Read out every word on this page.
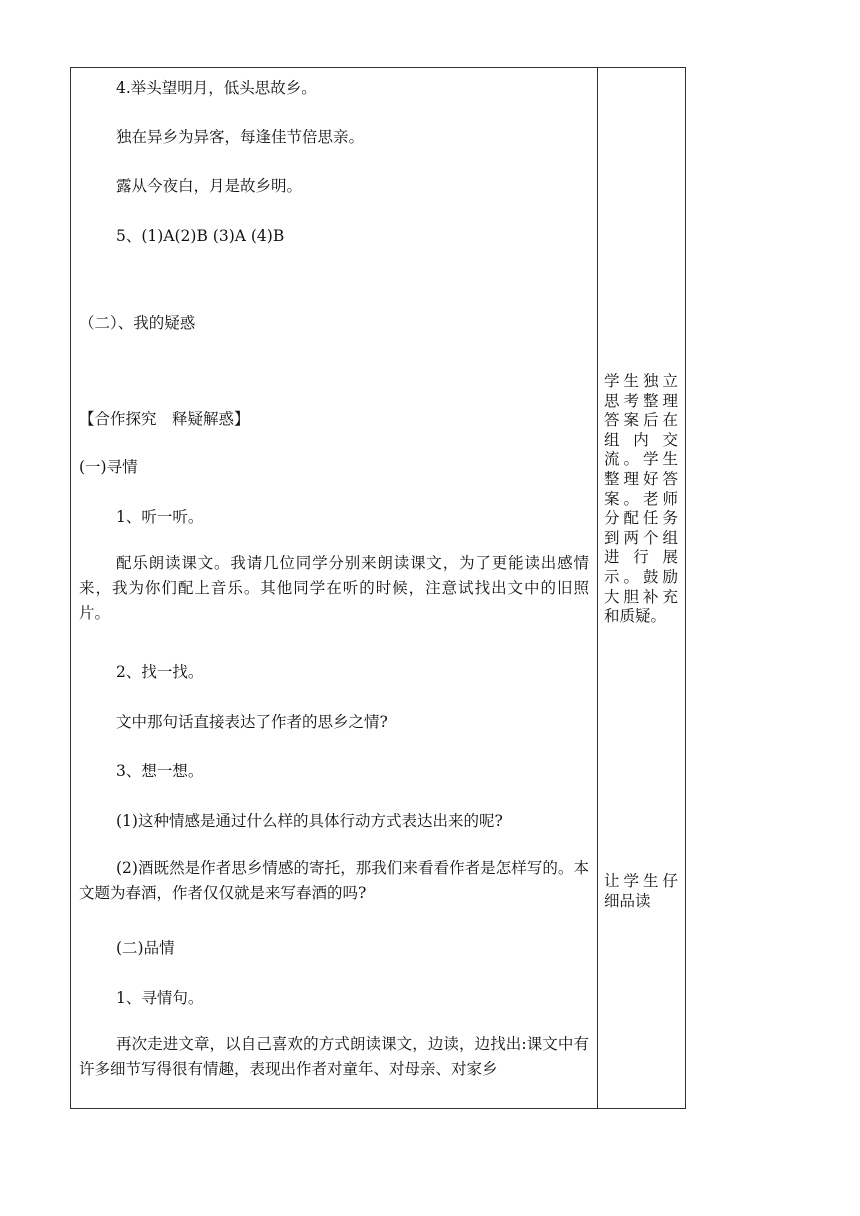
4.举头望明月，低头思故乡。
独在异乡为异客，每逢佳节倍思亲。
露从今夜白，月是故乡明。
5、(1)A(2)B (3)A (4)B
（二）、我的疑惑
【合作探究　释疑解惑】
(一)寻情
1、听一听。
配乐朗读课文。我请几位同学分别来朗读课文，为了更能读出感情来，我为你们配上音乐。其他同学在听的时候，注意试找出文中的旧照片。
2、找一找。
文中那句话直接表达了作者的思乡之情?
3、想一想。
(1)这种情感是通过什么样的具体行动方式表达出来的呢?
(2)酒既然是作者思乡情感的寄托，那我们来看看作者是怎样写的。本文题为春酒，作者仅仅就是来写春酒的吗?
(二)品情
1、寻情句。
再次走进文章，以自己喜欢的方式朗读课文，边读，边找出:课文中有许多细节写得很有情趣，表现出作者对童年、对母亲、对家乡
学生独立思考整理答案后在组内交流。学生整理好答案。老师分配任务到两个组进行展示。鼓励大胆补充和质疑。
让学生仔细品读
